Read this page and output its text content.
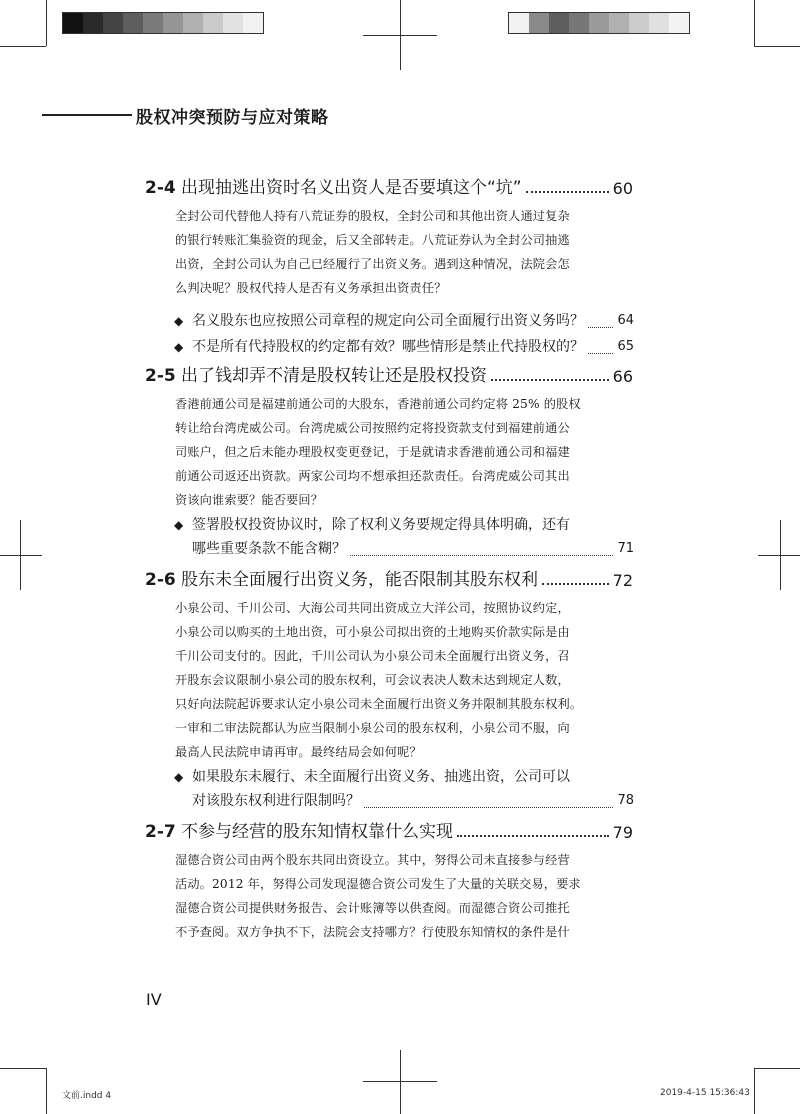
股权冲突预防与应对策略
2-4 出现抽逃出资时名义出资人是否要填这个“坑”	60
全封公司代替他人持有八荒证券的股权，全封公司和其他出资人通过复杂
的银行转账汇集验资的现金，后又全部转走。八荒证券认为全封公司抽逃
出资，全封公司认为自己已经履行了出资义务。遇到这种情况，法院会怎
么判决呢？股权代持人是否有义务承担出资责任？
◆ 名义股东也应按照公司章程的规定向公司全面履行出资义务吗？	64
◆ 不是所有代持股权的约定都有效？哪些情形是禁止代持股权的？	65
2-5 出了钱却弄不清是股权转让还是股权投资	66
香港前通公司是福建前通公司的大股东，香港前通公司约定将 25% 的股权
转让给台湾虎威公司。台湾虎威公司按照约定将投资款支付到福建前通公
司账户，但之后未能办理股权变更登记，于是就请求香港前通公司和福建
前通公司返还出资款。两家公司均不想承担还款责任。台湾虎威公司其出
资该向谁索要？能否要回？
◆ 签署股权投资协议时，除了权利义务要规定得具体明确，还有
哪些重要条款不能含糊？	71
2-6 股东未全面履行出资义务，能否限制其股东权利	72
小泉公司、千川公司、大海公司共同出资成立大洋公司，按照协议约定，
小泉公司以购买的土地出资，可小泉公司拟出资的土地购买价款实际是由
千川公司支付的。因此，千川公司认为小泉公司未全面履行出资义务，召
开股东会议限制小泉公司的股东权利，可会议表决人数未达到规定人数，
只好向法院起诉要求认定小泉公司未全面履行出资义务并限制其股东权利。
一审和二审法院都认为应当限制小泉公司的股东权利，小泉公司不服，向
最高人民法院申请再审。最终结局会如何呢？
◆ 如果股东未履行、未全面履行出资义务、抽逃出资，公司可以
对该股东权利进行限制吗？	78
2-7 不参与经营的股东知情权靠什么实现	79
湿德合资公司由两个股东共同出资设立。其中，努得公司未直接参与经营
活动。2012 年，努得公司发现湿德合资公司发生了大量的关联交易，要求
湿德合资公司提供财务报告、会计账簿等以供查阅。而湿德合资公司推托
不予查阅。双方争执不下，法院会支持哪方？行使股东知情权的条件是什
IV
文前.indd 4	2019-4-15 15:36:43
